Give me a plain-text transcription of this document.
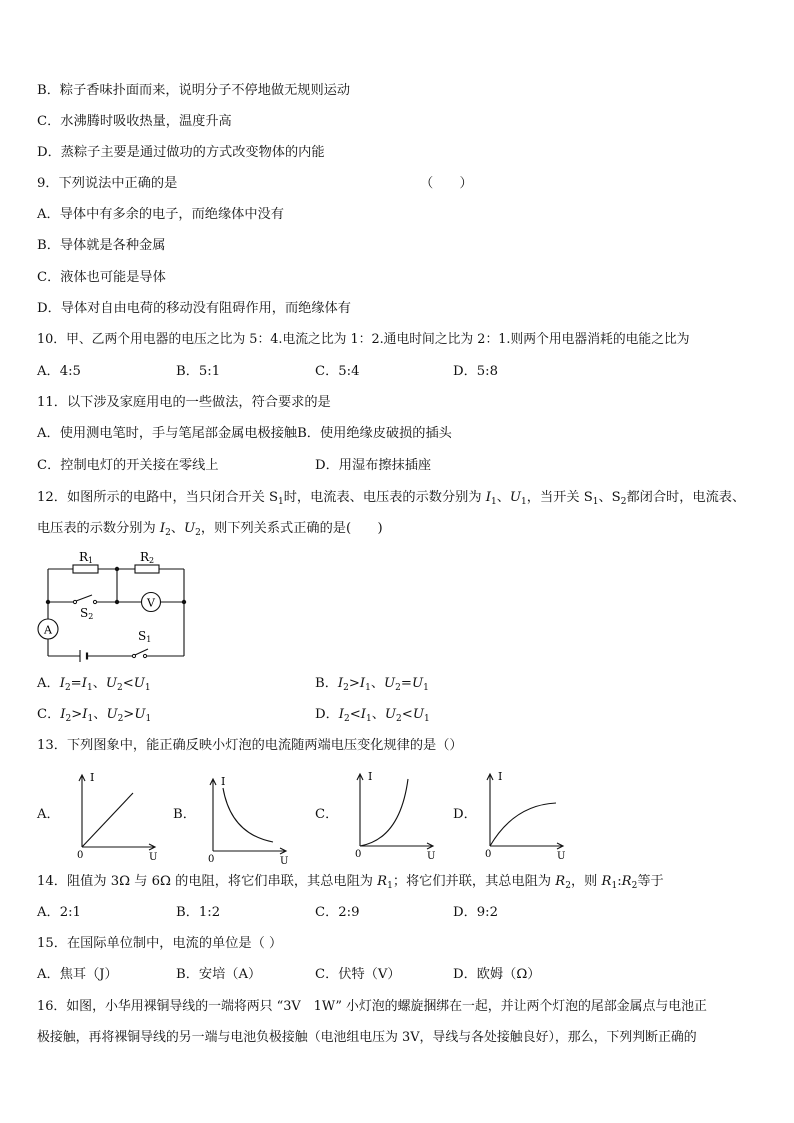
B．粽子香味扑面而来，说明分子不停地做无规则运动
C．水沸腾时吸收热量，温度升高
D．蒸粽子主要是通过做功的方式改变物体的内能
9．下列说法中正确的是	（　　）
A．导体中有多余的电子，而绝缘体中没有
B．导体就是各种金属
C．液体也可能是导体
D．导体对自由电荷的移动没有阻碍作用，而绝缘体有
10．甲、乙两个用电器的电压之比为 5：4.电流之比为 1：2.通电时间之比为 2：1.则两个用电器消耗的电能之比为
A．4:5	B．5:1	C．5:4	D．5:8
11．以下涉及家庭用电的一些做法，符合要求的是
A．使用测电笔时，手与笔尾部金属电极接触B．使用绝缘皮破损的插头
C．控制电灯的开关接在零线上	D．用湿布擦抹插座
12．如图所示的电路中，当只闭合开关 $S_1$时，电流表、电压表的示数分别为 $I_1$、$U_1$，当开关 $S_1$、$S_2$都闭合时，电流表、
电压表的示数分别为 $I_2$、$U_2$，则下列关系式正确的是(　　)
R1	R2
S2
S1
V
A
A．$I_2=I_1$、$U_2<U_1$	B．$I_2>I_1$、$U_2=U_1$
C．$I_2>I_1$、$U_2>U_1$	D．$I_2<I_1$、$U_2<U_1$
13．下列图象中，能正确反映小灯泡的电流随两端电压变化规律的是（）
A．
I
U
0
B．
I
U
0
C．
I
U
0
D．
I
U
0
14．阻值为 3Ω 与 6Ω 的电阻，将它们串联，其总电阻为 $R_1$；将它们并联，其总电阻为 $R_2$，则 $R_1:R_2$等于
A．2:1	B．1:2	C．2:9	D．9:2
15．在国际单位制中，电流的单位是（ ）
A．焦耳（J）	B．安培（A）	C．伏特（V）	D．欧姆（Ω）
16．如图，小华用裸铜导线的一端将两只 “3V　1W” 小灯泡的螺旋捆绑在一起，并让两个灯泡的尾部金属点与电池正
极接触，再将裸铜导线的另一端与电池负极接触（电池组电压为 3V，导线与各处接触良好），那么，下列判断正确的
